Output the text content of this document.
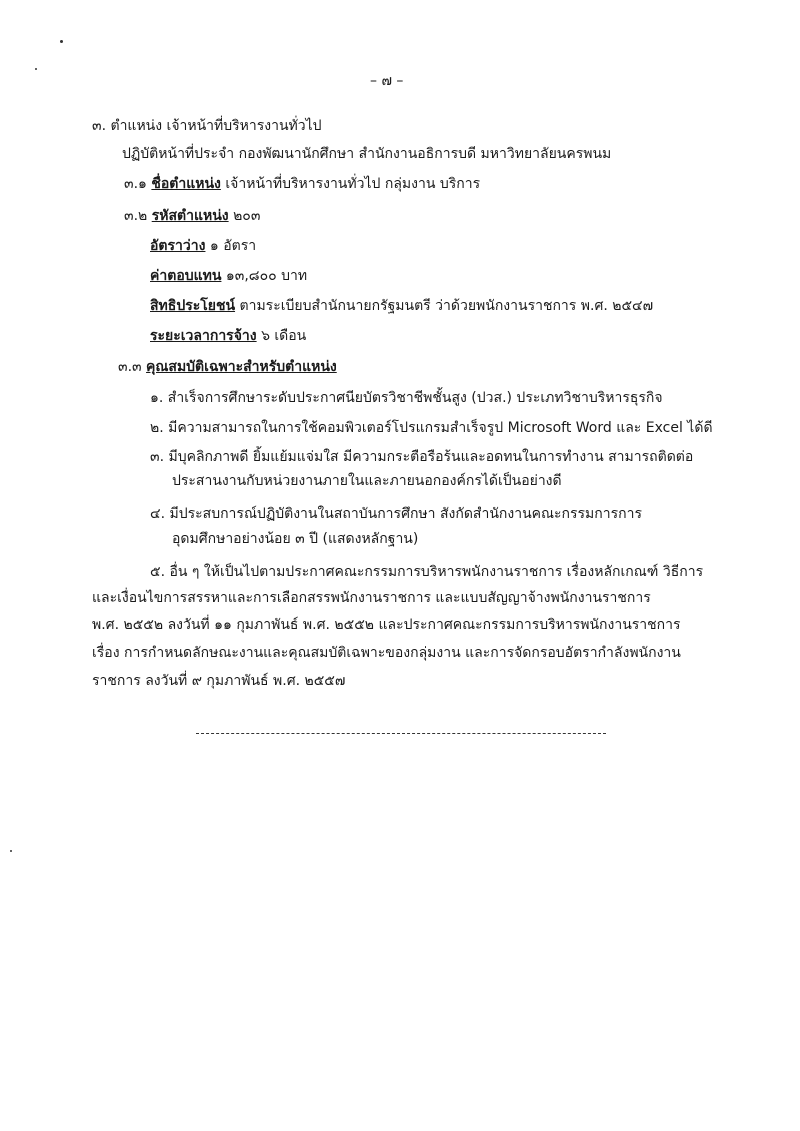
– ๗ –
๓. ตำแหน่ง เจ้าหน้าที่บริหารงานทั่วไป
ปฏิบัติหน้าที่ประจำ กองพัฒนานักศึกษา สำนักงานอธิการบดี มหาวิทยาลัยนครพนม
๓.๑ ชื่อตำแหน่ง เจ้าหน้าที่บริหารงานทั่วไป กลุ่มงาน บริการ
๓.๒ รหัสตำแหน่ง ๒๐๓
อัตราว่าง ๑ อัตรา
ค่าตอบแทน ๑๓,๘๐๐ บาท
สิทธิประโยชน์ ตามระเบียบสำนักนายกรัฐมนตรี ว่าด้วยพนักงานราชการ พ.ศ. ๒๕๔๗
ระยะเวลาการจ้าง ๖ เดือน
๓.๓ คุณสมบัติเฉพาะสำหรับตำแหน่ง
๑. สำเร็จการศึกษาระดับประกาศนียบัตรวิชาชีพชั้นสูง (ปวส.) ประเภทวิชาบริหารธุรกิจ
๒. มีความสามารถในการใช้คอมพิวเตอร์โปรแกรมสำเร็จรูป Microsoft Word และ Excel ได้ดี
๓. มีบุคลิกภาพดี ยิ้มแย้มแจ่มใส มีความกระตือรือร้นและอดทนในการทำงาน สามารถติดต่อ
ประสานงานกับหน่วยงานภายในและภายนอกองค์กรได้เป็นอย่างดี
๔. มีประสบการณ์ปฏิบัติงานในสถาบันการศึกษา สังกัดสำนักงานคณะกรรมการการ
อุดมศึกษาอย่างน้อย ๓ ปี (แสดงหลักฐาน)
๕. อื่น ๆ ให้เป็นไปตามประกาศคณะกรรมการบริหารพนักงานราชการ เรื่องหลักเกณฑ์ วิธีการ
และเงื่อนไขการสรรหาและการเลือกสรรพนักงานราชการ และแบบสัญญาจ้างพนักงานราชการ
พ.ศ. ๒๕๕๒ ลงวันที่ ๑๑ กุมภาพันธ์ พ.ศ. ๒๕๕๒ และประกาศคณะกรรมการบริหารพนักงานราชการ
เรื่อง การกำหนดลักษณะงานและคุณสมบัติเฉพาะของกลุ่มงาน และการจัดกรอบอัตรากำลังพนักงาน
ราชการ ลงวันที่ ๙ กุมภาพันธ์ พ.ศ. ๒๕๕๗
